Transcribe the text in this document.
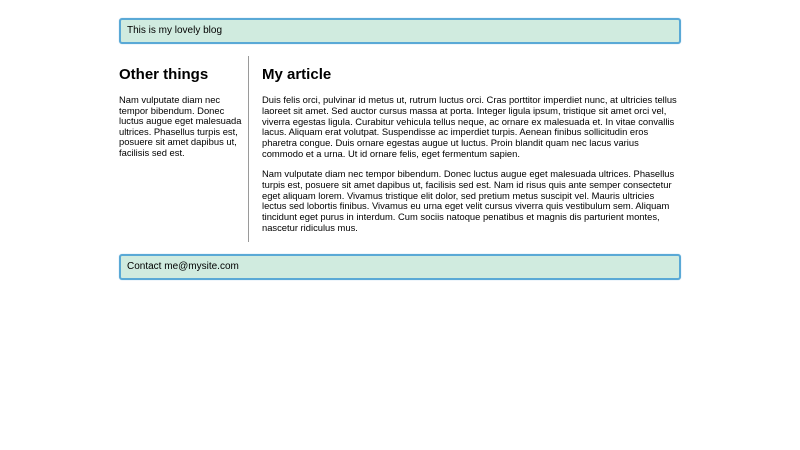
This is my lovely blog
Other things

Nam vulputate diam nec tempor bibendum. Donec luctus augue eget malesuada ultrices. Phasellus turpis est, posuere sit amet dapibus ut, facilisis sed est.

My article

Duis felis orci, pulvinar id metus ut, rutrum luctus orci. Cras porttitor imperdiet nunc, at ultricies tellus laoreet sit amet. Sed auctor cursus massa at porta. Integer ligula ipsum, tristique sit amet orci vel, viverra egestas ligula. Curabitur vehicula tellus neque, ac ornare ex malesuada et. In vitae convallis lacus. Aliquam erat volutpat. Suspendisse ac imperdiet turpis. Aenean finibus sollicitudin eros pharetra congue. Duis ornare egestas augue ut luctus. Proin blandit quam nec lacus varius commodo et a urna. Ut id ornare felis, eget fermentum sapien.

Nam vulputate diam nec tempor bibendum. Donec luctus augue eget malesuada ultrices. Phasellus turpis est, posuere sit amet dapibus ut, facilisis sed est. Nam id risus quis ante semper consectetur eget aliquam lorem. Vivamus tristique elit dolor, sed pretium metus suscipit vel. Mauris ultricies lectus sed lobortis finibus. Vivamus eu urna eget velit cursus viverra quis vestibulum sem. Aliquam tincidunt eget purus in interdum. Cum sociis natoque penatibus et magnis dis parturient montes, nascetur ridiculus mus.

Contact me@mysite.com
